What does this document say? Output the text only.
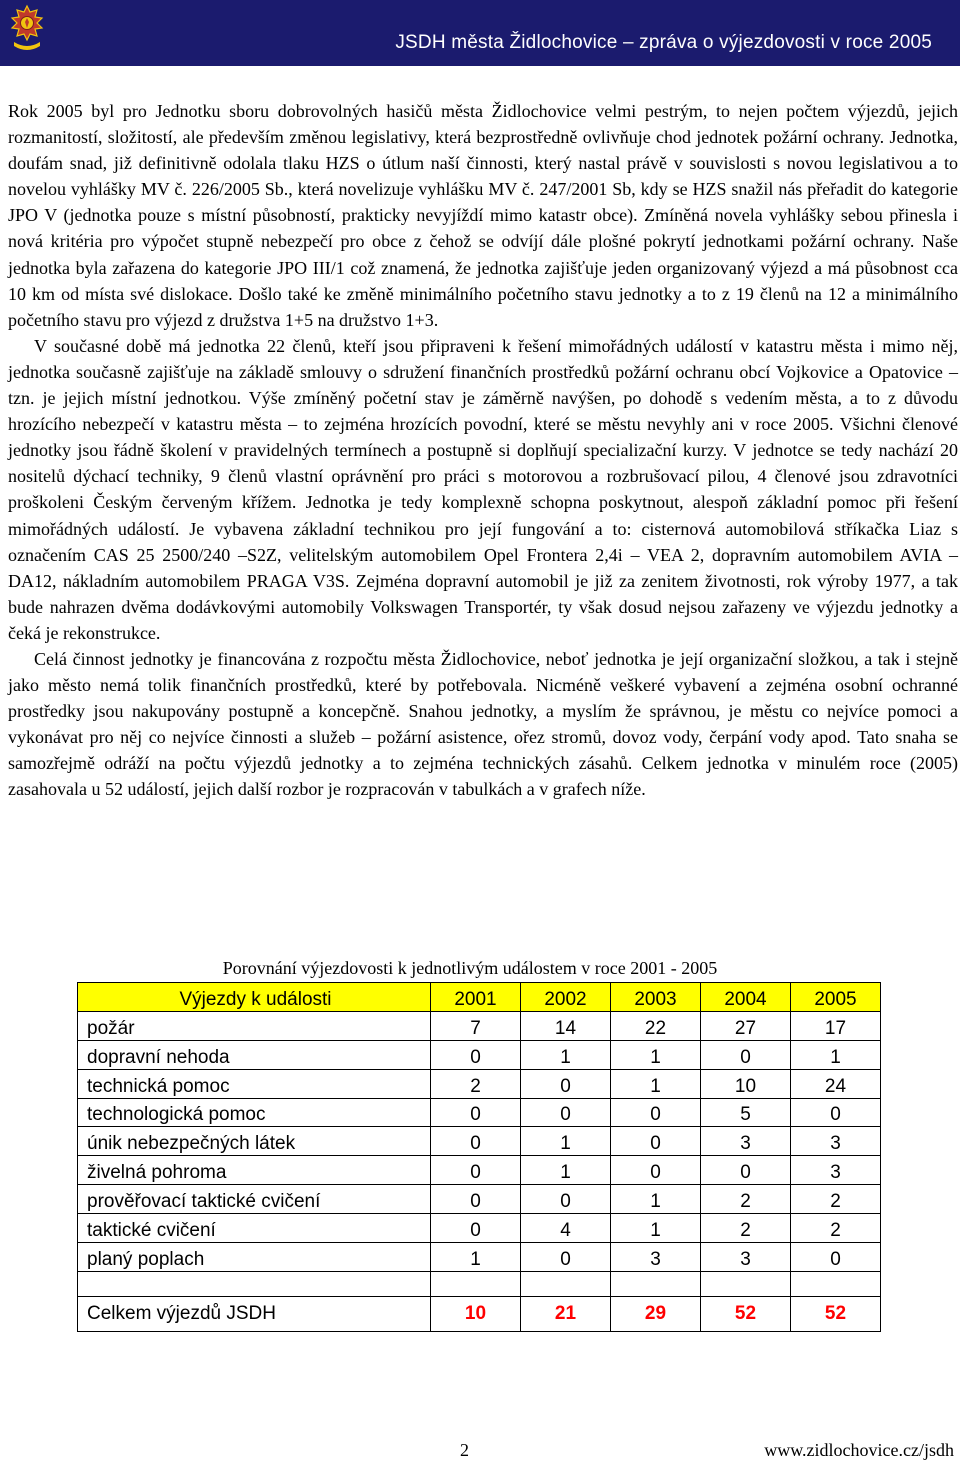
JSDH města Židlochovice – zpráva o výjezdovosti v roce 2005

Rok 2005 byl pro Jednotku sboru dobrovolných hasičů města Židlochovice velmi pestrým, to nejen počtem výjezdů, jejich rozmanitostí, složitostí, ale především změnou legislativy, která bezprostředně ovlivňuje chod jednotek požární ochrany. Jednotka, doufám snad, již definitivně odolala tlaku HZS o útlum naší činnosti, který nastal právě v souvislosti s novou legislativou a to novelou vyhlášky MV č. 226/2005 Sb., která novelizuje vyhlášku MV č. 247/2001 Sb, kdy se HZS snažil nás přeřadit do kategorie JPO V (jednotka pouze s místní působností, prakticky nevyjíždí mimo katastr obce). Zmíněná novela vyhlášky sebou přinesla i nová kritéria pro výpočet stupně nebezpečí pro obce z čehož se odvíjí dále plošné pokrytí jednotkami požární ochrany. Naše jednotka byla zařazena do kategorie JPO III/1 což znamená, že jednotka zajišťuje jeden organizovaný výjezd a má působnost cca 10 km od místa své dislokace. Došlo také ke změně minimálního početního stavu jednotky a to z 19 členů na 12 a minimálního početního stavu pro výjezd z družstva 1+5 na družstvo 1+3.

V současné době má jednotka 22 členů, kteří jsou připraveni k řešení mimořádných událostí v katastru města i mimo něj, jednotka současně zajišťuje na základě smlouvy o sdružení finančních prostředků požární ochranu obcí Vojkovice a Opatovice – tzn. je jejich místní jednotkou. Výše zmíněný početní stav je záměrně navýšen, po dohodě s vedením města, a to z důvodu hrozícího nebezpečí v katastru města – to zejména hrozících povodní, které se městu nevyhly ani v roce 2005. Všichni členové jednotky jsou řádně školení v pravidelných termínech a postupně si doplňují specializační kurzy. V jednotce se tedy nachází 20 nositelů dýchací techniky, 9 členů vlastní oprávnění pro práci s motorovou a rozbrušovací pilou, 4 členové jsou zdravotníci proškoleni Českým červeným křížem. Jednotka je tedy komplexně schopna poskytnout, alespoň základní pomoc při řešení mimořádných událostí. Je vybavena základní technikou pro její fungování a to: cisternová automobilová stříkačka Liaz s označením CAS 25 2500/240 –S2Z, velitelským automobilem Opel Frontera 2,4i – VEA 2, dopravním automobilem AVIA – DA12, nákladním automobilem PRAGA V3S. Zejména dopravní automobil je již za zenitem životnosti, rok výroby 1977, a tak bude nahrazen dvěma dodávkovými automobily Volkswagen Transportér, ty však dosud nejsou zařazeny ve výjezdu jednotky a čeká je rekonstrukce.

Celá činnost jednotky je financována z rozpočtu města Židlochovice, neboť jednotka je její organizační složkou, a tak i stejně jako město nemá tolik finančních prostředků, které by potřebovala. Nicméně veškeré vybavení a zejména osobní ochranné prostředky jsou nakupovány postupně a koncepčně. Snahou jednotky, a myslím že správnou, je městu co nejvíce pomoci a vykonávat pro něj co nejvíce činnosti a služeb – požární asistence, ořez stromů, dovoz vody, čerpání vody apod. Tato snaha se samozřejmě odráží na počtu výjezdů jednotky a to zejména technických zásahů. Celkem jednotka v minulém roce (2005) zasahovala u 52 událostí, jejich další rozbor je rozpracován v tabulkách a v grafech níže.

Porovnání výjezdovosti k jednotlivým událostem v roce 2001 - 2005
Výjezdy k události	2001	2002	2003	2004	2005
požár	7	14	22	27	17
dopravní nehoda	0	1	1	0	1
technická pomoc	2	0	1	10	24
technologická pomoc	0	0	0	5	0
únik nebezpečných látek	0	1	0	3	3
živelná pohroma	0	1	0	0	3
prověřovací taktické cvičení	0	0	1	2	2
taktické cvičení	0	4	1	2	2
planý poplach	1	0	3	3	0

Celkem výjezdů JSDH	10	21	29	52	52
2	www.zidlochovice.cz/jsdh
